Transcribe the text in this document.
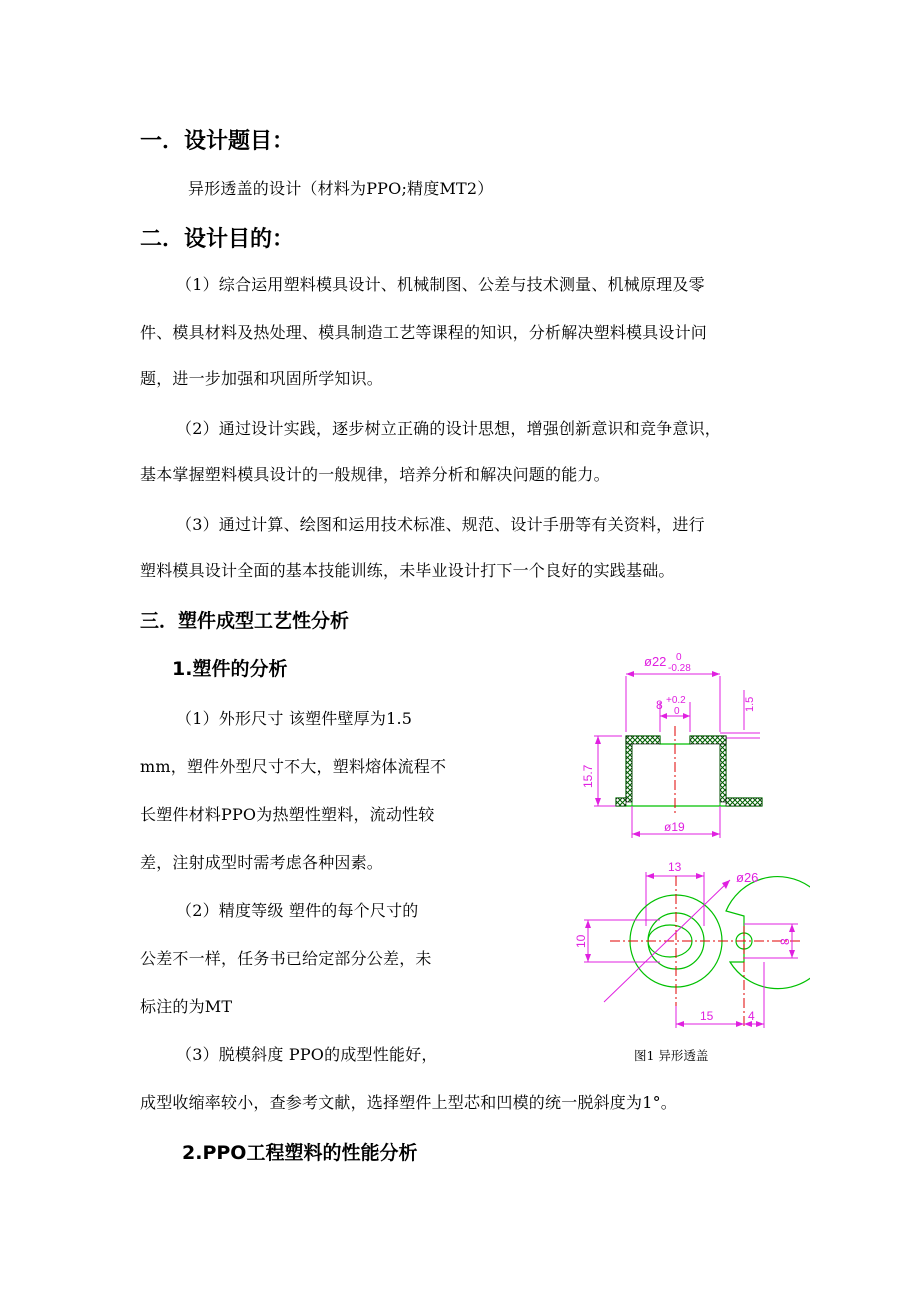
一．设计题目：
异形透盖的设计（材料为PPO;精度MT2）
二．设计目的：
（1）综合运用塑料模具设计、机械制图、公差与技术测量、机械原理及零
件、模具材料及热处理、模具制造工艺等课程的知识，分析解决塑料模具设计问
题，进一步加强和巩固所学知识。
（2）通过设计实践，逐步树立正确的设计思想，增强创新意识和竞争意识，
基本掌握塑料模具设计的一般规律，培养分析和解决问题的能力。
（3）通过计算、绘图和运用技术标准、规范、设计手册等有关资料，进行
塑料模具设计全面的基本技能训练，未毕业设计打下一个良好的实践基础。
三．塑件成型工艺性分析
1.塑件的分析
（1）外形尺寸 该塑件壁厚为1.5
mm，塑件外型尺寸不大，塑料熔体流程不
长塑件材料PPO为热塑性塑料，流动性较
差，注射成型时需考虑各种因素。
（2）精度等级 塑件的每个尺寸的
公差不一样，任务书已给定部分公差，未
标注的为MT
（3）脱模斜度 PPO的成型性能好，
成型收缩率较小，查参考文献，选择塑件上型芯和凹模的统一脱斜度为1°。
2.PPO工程塑料的性能分析
ø22 0
-0.28
8 +0.2
0	1.5
15.7
ø19
13
ø26
10	8
15	4
图1 异形透盖
